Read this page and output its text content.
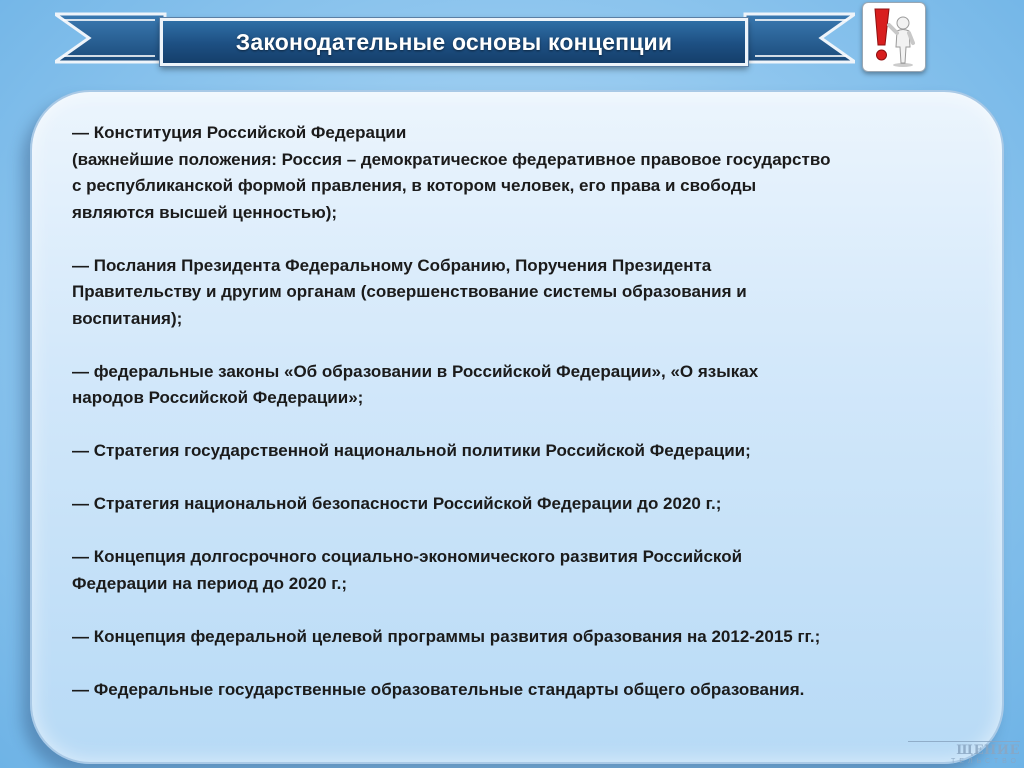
Законодательные основы концепции
— Конституция Российской Федерации
(важнейшие положения: Россия – демократическое федеративное правовое государство
с республиканской формой правления, в котором человек, его права и свободы
являются высшей ценностью);
— Послания Президента Федеральному Собранию, Поручения Президента
Правительству и другим органам (совершенствование системы образования и
воспитания);
— федеральные законы «Об образовании в Российской Федерации», «О языках
народов Российской Федерации»;
— Стратегия государственной национальной политики Российской Федерации;
— Стратегия национальной безопасности Российской Федерации до 2020 г.;
— Концепция долгосрочного социально-экономического развития Российской
Федерации на период до 2020 г.;
— Концепция федеральной целевой программы развития образования на 2012-2015 гг.;
— Федеральные государственные образовательные стандарты общего образования.
ЩЕНИЕ
ТЕЛЬСТВО
